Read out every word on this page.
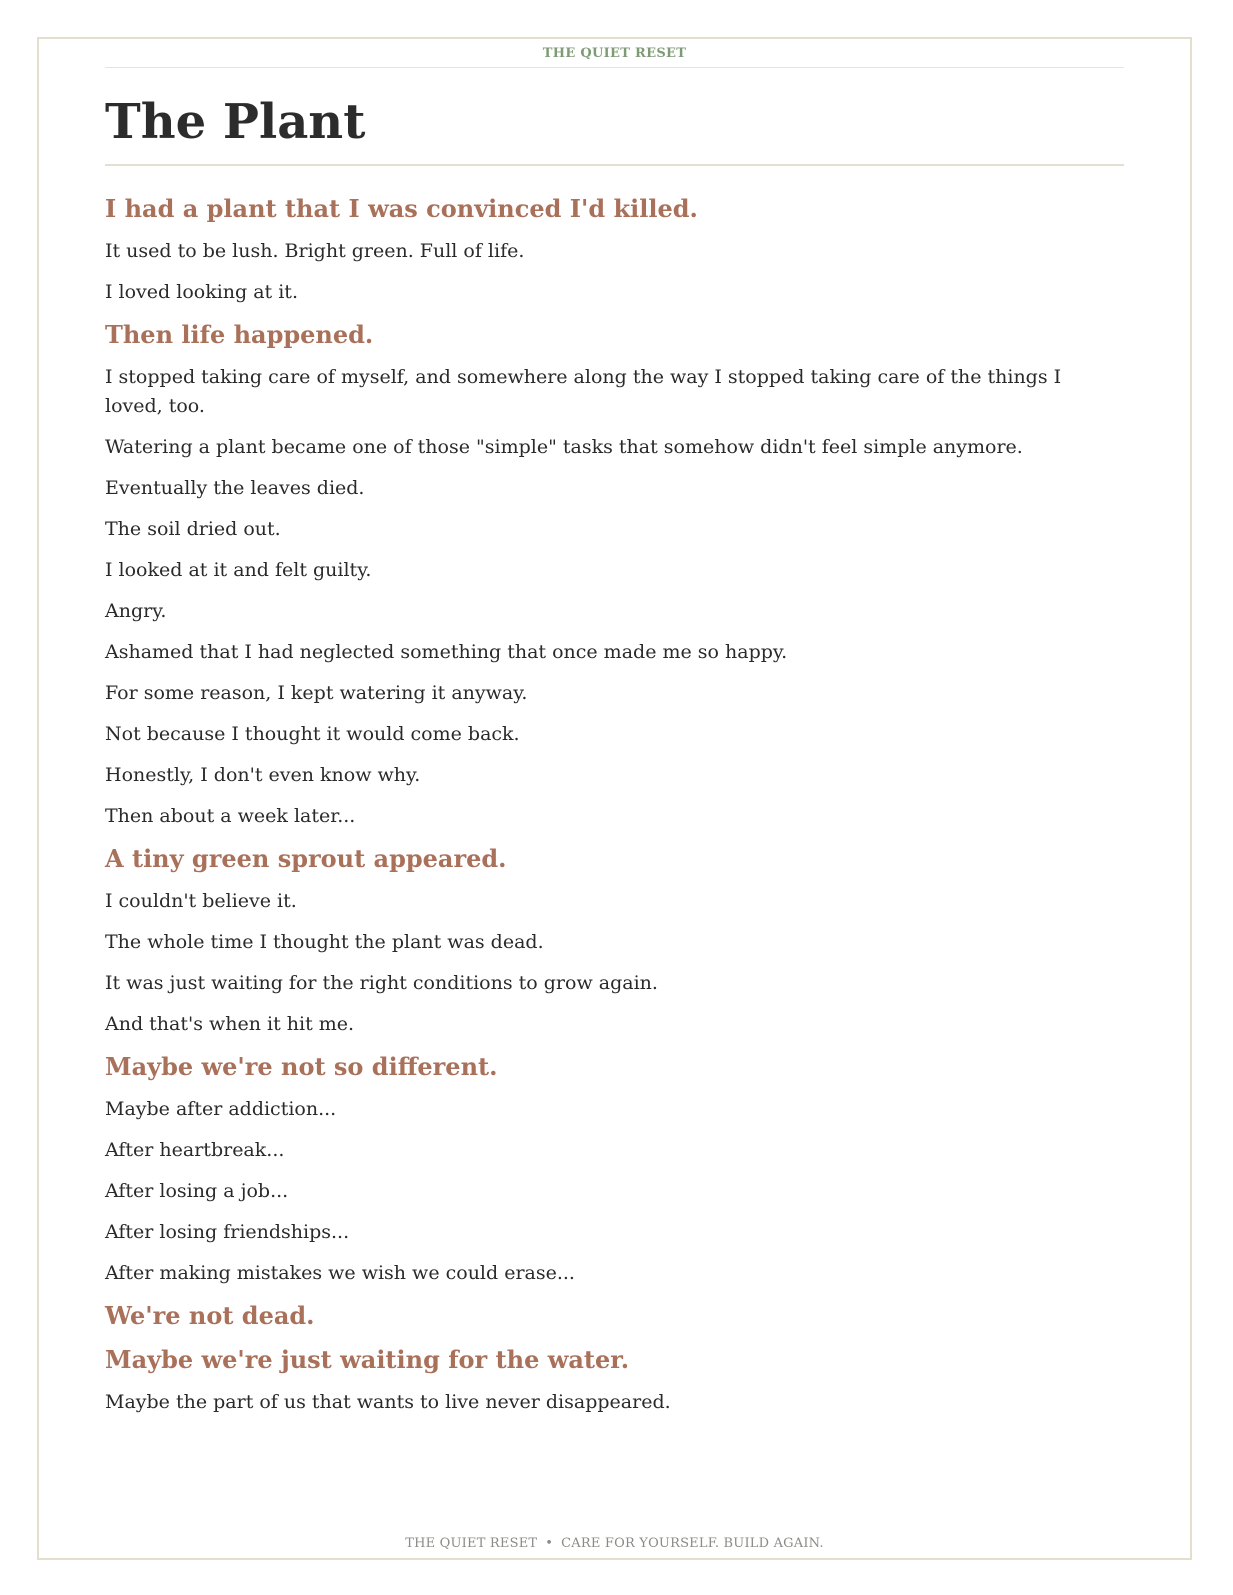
THE QUIET RESET
The Plant
I had a plant that I was convinced I'd killed.

It used to be lush. Bright green. Full of life.

I loved looking at it.

Then life happened.

I stopped taking care of myself, and somewhere along the way I stopped taking care of the things I loved, too.

Watering a plant became one of those "simple" tasks that somehow didn't feel simple anymore.

Eventually the leaves died.

The soil dried out.

I looked at it and felt guilty.

Angry.

Ashamed that I had neglected something that once made me so happy.

For some reason, I kept watering it anyway.

Not because I thought it would come back.

Honestly, I don't even know why.

Then about a week later...

A tiny green sprout appeared.

I couldn't believe it.

The whole time I thought the plant was dead.

It was just waiting for the right conditions to grow again.

And that's when it hit me.

Maybe we're not so different.

Maybe after addiction...

After heartbreak...

After losing a job...

After losing friendships...

After making mistakes we wish we could erase...

We're not dead.
Maybe we're just waiting for the water.

Maybe the part of us that wants to live never disappeared.

THE QUIET RESET • CARE FOR YOURSELF. BUILD AGAIN.
